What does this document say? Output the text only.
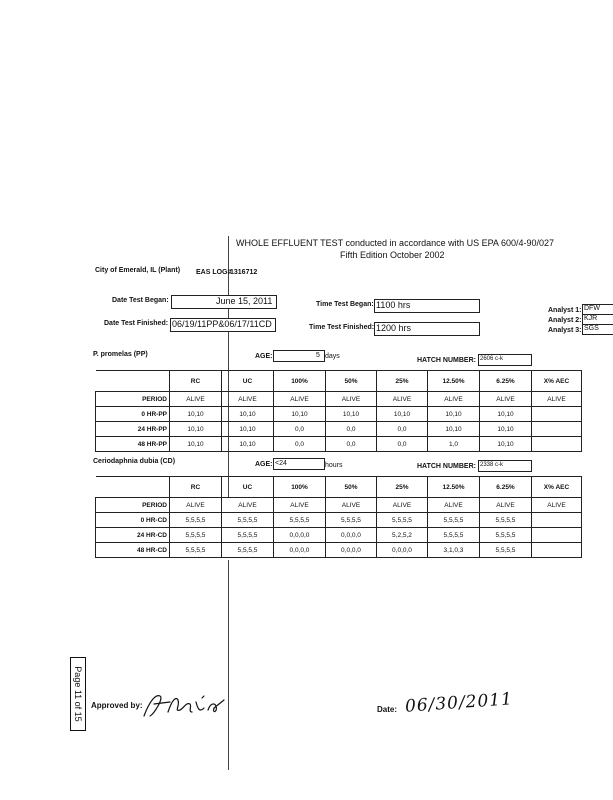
WHOLE EFFLUENT TEST conducted in accordance with US EPA 600/4-90/027
Fifth Edition October 2002
City of Emerald, IL (Plant) EAS LOG#
1316712
Date Test Began:	June 15, 2011
Date Test Finished: 06/19/11PP&06/17/11CD
Time Test Began: 1100 hrs
Time Test Finished: 1200 hrs
Analyst 1: DFW
Analyst 2: KJR
Analyst 3: SGS
P. promelas (PP)	AGE:	5 days
HATCH NUMBER: 2606 c-k
	RC	UC	100%	50%	25%	12.50%	6.25%	X% AEC
PERIOD	ALIVE	ALIVE	ALIVE	ALIVE	ALIVE	ALIVE	ALIVE	ALIVE
0 HR-PP	10,10	10,10	10,10	10,10	10,10	10,10	10,10	
24 HR-PP	10,10	10,10	0,0	0,0	0,0	10,10	10,10	
48 HR-PP	10,10	10,10	0,0	0,0	0,0	1,0	10,10	
Ceriodaphnia dubia (CD)	AGE: <24	hours	HATCH NUMBER: 2338 c-k
	RC	UC	100%	50%	25%	12.50%	6.25%	X% AEC
PERIOD	ALIVE	ALIVE	ALIVE	ALIVE	ALIVE	ALIVE	ALIVE	ALIVE
0 HR-CD	5,5,5,5	5,5,5,5	5,5,5,5	5,5,5,5	5,5,5,5	5,5,5,5	5,5,5,5	
24 HR-CD	5,5,5,5	5,5,5,5	0,0,0,0	0,0,0,0	5,2,5,2	5,5,5,5	5,5,5,5	
48 HR-CD	5,5,5,5	5,5,5,5	0,0,0,0	0,0,0,0	0,0,0,0	3,1,0,3	5,5,5,5	
Page 11 of 15 Approved by:	Date: 06/30/2011
